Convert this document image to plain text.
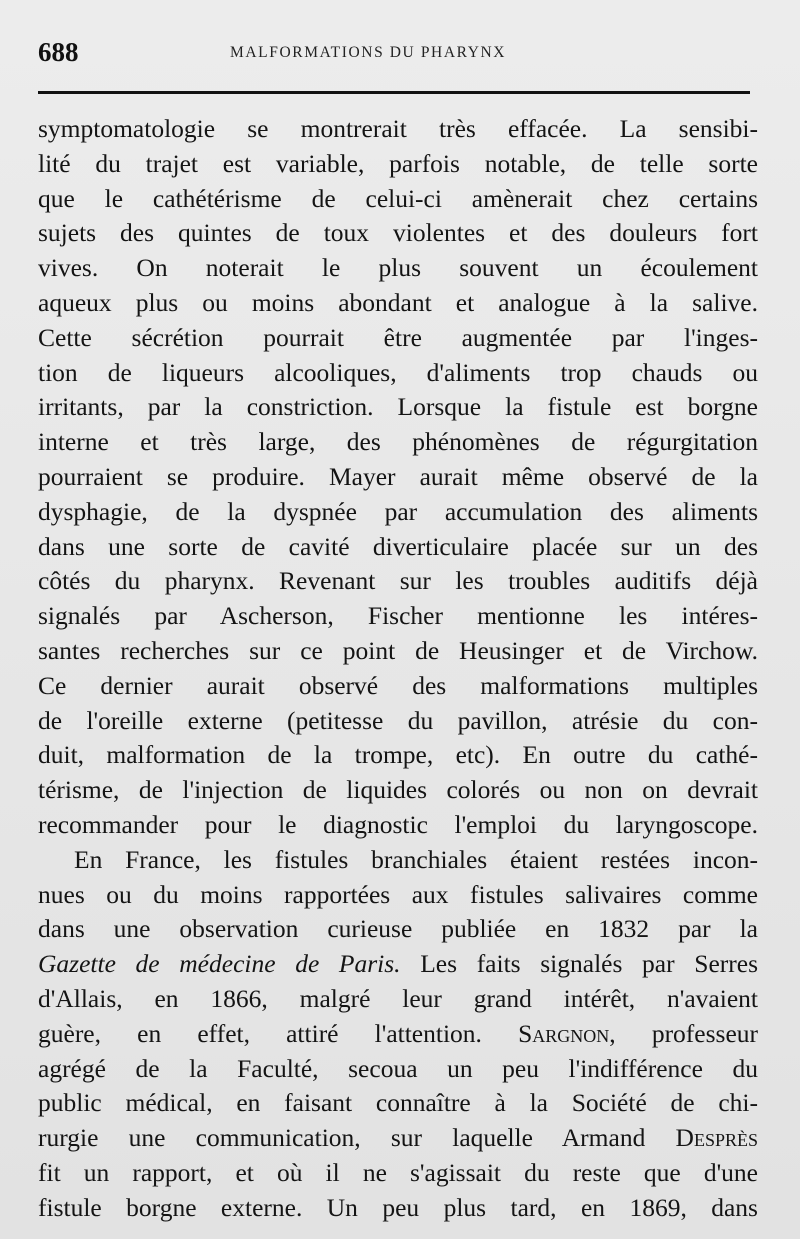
688	MALFORMATIONS DU PHARYNX
symptomatologie se montrerait très effacée. La sensibi-
lité du trajet est variable, parfois notable, de telle sorte
que le cathétérisme de celui-ci amènerait chez certains
sujets des quintes de toux violentes et des douleurs fort
vives. On noterait le plus souvent un écoulement
aqueux plus ou moins abondant et analogue à la salive.
Cette sécrétion pourrait être augmentée par l'inges-
tion de liqueurs alcooliques, d'aliments trop chauds ou
irritants, par la constriction. Lorsque la fistule est borgne
interne et très large, des phénomènes de régurgitation
pourraient se produire. Mayer aurait même observé de la
dysphagie, de la dyspnée par accumulation des aliments
dans une sorte de cavité diverticulaire placée sur un des
côtés du pharynx. Revenant sur les troubles auditifs déjà
signalés par Ascherson, Fischer mentionne les intéres-
santes recherches sur ce point de Heusinger et de Virchow.
Ce dernier aurait observé des malformations multiples
de l'oreille externe (petitesse du pavillon, atrésie du con-
duit, malformation de la trompe, etc). En outre du cathé-
térisme, de l'injection de liquides colorés ou non on devrait
recommander pour le diagnostic l'emploi du laryngoscope.
En France, les fistules branchiales étaient restées incon-
nues ou du moins rapportées aux fistules salivaires comme
dans une observation curieuse publiée en 1832 par la
Gazette de médecine de Paris. Les faits signalés par Serres
d'Allais, en 1866, malgré leur grand intérêt, n'avaient
guère, en effet, attiré l'attention. Sargnon, professeur
agrégé de la Faculté, secoua un peu l'indifférence du
public médical, en faisant connaître à la Société de chi-
rurgie une communication, sur laquelle Armand Desprès
fit un rapport, et où il ne s'agissait du reste que d'une
fistule borgne externe. Un peu plus tard, en 1869, dans
